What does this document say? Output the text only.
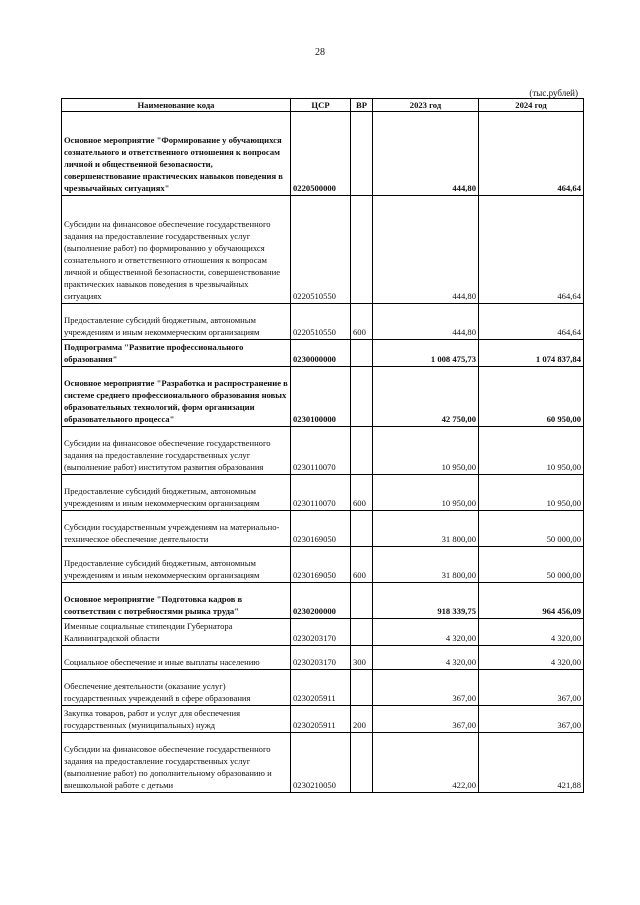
28
(тыс.рублей)
Наименование кода	ЦСР	ВР	2023 год	2024 год
Основное мероприятие "Формирование у обучающихся сознательного и ответственного отношения к вопросам личной и общественной безопасности, совершенствование практических навыков поведения в чрезвычайных ситуациях"	0220500000		444,80	464,64
Субсидии на финансовое обеспечение государственного задания на предоставление государственных услуг (выполнение работ) по формированию у обучающихся сознательного и ответственного отношения к вопросам личной и общественной безопасности, совершенствование практических навыков поведения в чрезвычайных ситуациях	0220510550		444,80	464,64
Предоставление субсидий бюджетным, автономным учреждениям и иным некоммерческим организациям	0220510550	600	444,80	464,64
Подпрограмма "Развитие профессионального образования"	0230000000		1 008 475,73	1 074 837,84
Основное мероприятие "Разработка и распространение в системе среднего профессионального образования новых образовательных технологий, форм организации образовательного процесса"	0230100000		42 750,00	60 950,00
Субсидии на финансовое обеспечение государственного задания на предоставление государственных услуг (выполнение работ) институтом развития образования	0230110070		10 950,00	10 950,00
Предоставление субсидий бюджетным, автономным учреждениям и иным некоммерческим организациям	0230110070	600	10 950,00	10 950,00
Субсидии государственным учреждениям на материально-техническое обеспечение деятельности	0230169050		31 800,00	50 000,00
Предоставление субсидий бюджетным, автономным учреждениям и иным некоммерческим организациям	0230169050	600	31 800,00	50 000,00
Основное мероприятие "Подготовка кадров в соответствии с потребностями рынка труда"	0230200000		918 339,75	964 456,09
Именные социальные стипендии Губернатора Калининградской области	0230203170		4 320,00	4 320,00
Социальное обеспечение и иные выплаты населению	0230203170	300	4 320,00	4 320,00
Обеспечение деятельности (оказание услуг) государственных учреждений в сфере образования	0230205911		367,00	367,00
Закупка товаров, работ и услуг для обеспечения государственных (муниципальных) нужд	0230205911	200	367,00	367,00
Субсидии на финансовое обеспечение государственного задания на предоставление государственных услуг (выполнение работ) по дополнительному образованию и внешкольной работе с детьми	0230210050		422,00	421,88
